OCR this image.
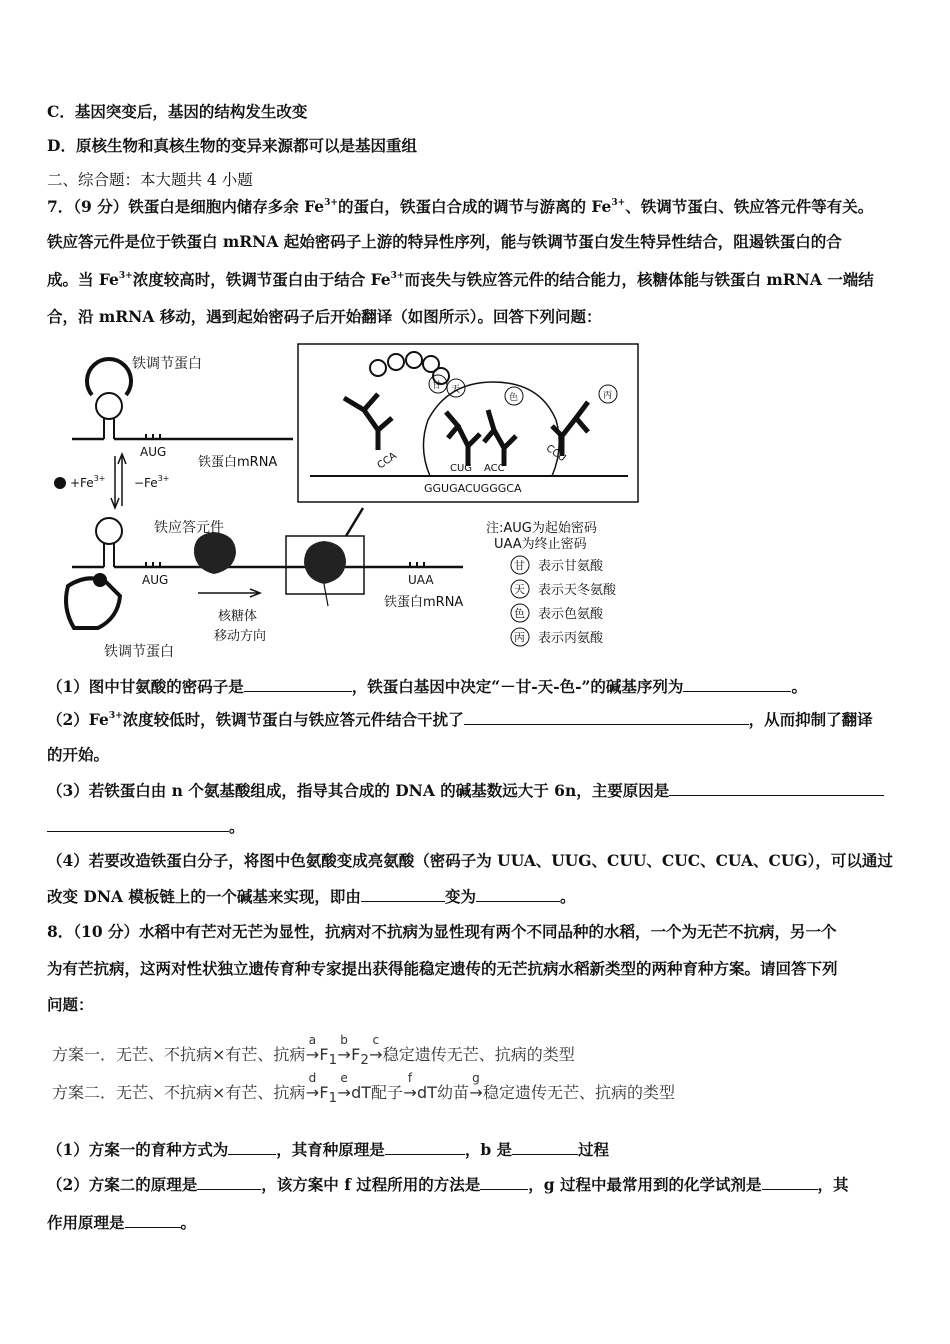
C．基因突变后，基因的结构发生改变
D．原核生物和真核生物的变异来源都可以是基因重组
二、综合题：本大题共 4 小题
7．（9 分）铁蛋白是细胞内储存多余 $Fe^{3+}$的蛋白，铁蛋白合成的调节与游离的 $Fe^{3+}$、铁调节蛋白、铁应答元件等有关。
铁应答元件是位于铁蛋白 mRNA 起始密码子上游的特异性序列，能与铁调节蛋白发生特异性结合，阻遏铁蛋白的合
成。当 $Fe^{3+}$浓度较高时，铁调节蛋白由于结合 $Fe^{3+}$而丧失与铁应答元件的结合能力，核糖体能与铁蛋白 mRNA 一端结
合，沿 mRNA 移动，遇到起始密码子后开始翻译（如图所示）。回答下列问题：
铁调节蛋白
AUG
铁蛋白mRNA
$+Fe^{3+} -Fe^{3+}$
铁应答元件
AUG	UAA
铁蛋白mRNA
核糖体
移动方向
铁调节蛋白
CCA	CUG ACC
CCU
GGUGACUGGGCA
甘 天
色	丙
注:AUG为起始密码
UAA为终止密码
甘
天
色
丙
表示甘氨酸
表示天冬氨酸
表示色氨酸
表示丙氨酸
（1）图中甘氨酸的密码子是	，铁蛋白基因中决定“－甘-天-色-”的碱基序列为	。
$(2)Fe^{3+}$浓度较低时，铁调节蛋白与铁应答元件结合干扰了	，从而抑制了翻译
的开始。
（3）若铁蛋白由 n 个氨基酸组成，指导其合成的 DNA 的碱基数远大于 6n，主要原因是
。
（4）若要改造铁蛋白分子，将图中色氨酸变成亮氨酸（密码子为 UUA、UUG、CUU、CUC、CUA、CUG），可以通过
改变 DNA 模板链上的一个碱基来实现，即由	变为	。
8．（10 分）水稻中有芒对无芒为显性，抗病对不抗病为显性现有两个不同品种的水稻，一个为无芒不抗病，另一个
为有芒抗病，这两对性状独立遗传育种专家提出获得能稳定遗传的无芒抗病水稻新类型的两种育种方案。请回答下列
问题：
方案一．无芒、不抗病×有芒、抗病
a
$\to F_1$
b
$\to F_2$
c
→稳定遗传无芒、抗病的类型
方案二．无芒、不抗病×有芒、抗病
d
$\to F_1$
e
→dT配子
f
→dT幼苗
g
→稳定遗传无芒、抗病的类型
（1）方案一的育种方式为	，其育种原理是	，b 是	过程
（2）方案二的原理是	，该方案中 f 过程所用的方法是	，g 过程中最常用到的化学试剂是	，其
作用原理是	。
